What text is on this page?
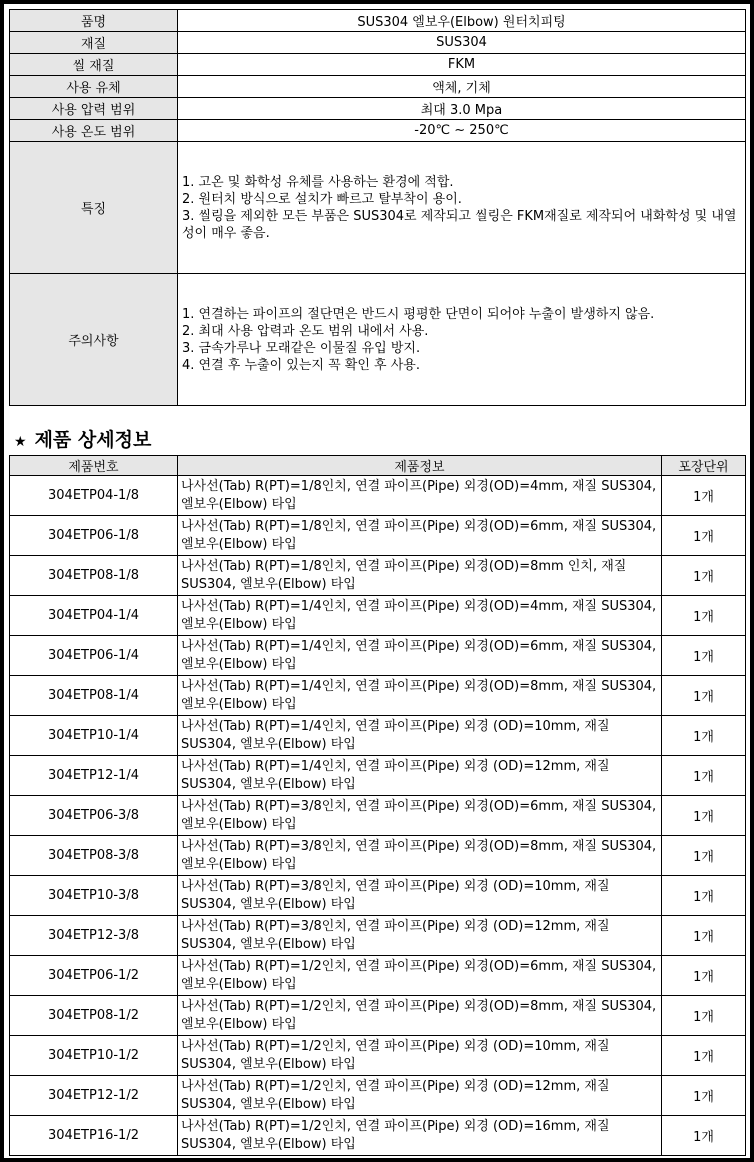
품명	SUS304 엘보우(Elbow) 원터치피팅
재질	SUS304
씰 재질	FKM
사용 유체	액체, 기체
사용 압력 범위	최대 3.0 Mpa
사용 온도 범위	-20℃ ~ 250℃
특징	1. 고온 및 화학성 유체를 사용하는 환경에 적합.
2. 원터치 방식으로 설치가 빠르고 탈부착이 용이.
3. 씰링을 제외한 모든 부품은 SUS304로 제작되고 씰링은 FKM재질로 제작되어 내화학성 및 내열성이 매우 좋음.

주의사항	1. 연결하는 파이프의 절단면은 반드시 평평한 단면이 되어야 누출이 발생하지 않음.
2. 최대 사용 압력과 온도 범위 내에서 사용.
3. 금속가루나 모래같은 이물질 유입 방지.
4. 연결 후 누출이 있는지 꼭 확인 후 사용.
★ 제품 상세정보
제품번호	제품정보	포장단위
304ETP04-1/8	나사선(Tab) R(PT)=1/8인치, 연결 파이프(Pipe) 외경(OD)=4mm, 재질 SUS304, 엘보우(Elbow) 타입	1개
304ETP06-1/8	나사선(Tab) R(PT)=1/8인치, 연결 파이프(Pipe) 외경(OD)=6mm, 재질 SUS304, 엘보우(Elbow) 타입	1개
304ETP08-1/8	나사선(Tab) R(PT)=1/8인치, 연결 파이프(Pipe) 외경(OD)=8mm 인치, 재질 SUS304, 엘보우(Elbow) 타입	1개
304ETP04-1/4	나사선(Tab) R(PT)=1/4인치, 연결 파이프(Pipe) 외경(OD)=4mm, 재질 SUS304, 엘보우(Elbow) 타입	1개
304ETP06-1/4	나사선(Tab) R(PT)=1/4인치, 연결 파이프(Pipe) 외경(OD)=6mm, 재질 SUS304, 엘보우(Elbow) 타입	1개
304ETP08-1/4	나사선(Tab) R(PT)=1/4인치, 연결 파이프(Pipe) 외경(OD)=8mm, 재질 SUS304, 엘보우(Elbow) 타입	1개
304ETP10-1/4	나사선(Tab) R(PT)=1/4인치, 연결 파이프(Pipe) 외경 (OD)=10mm, 재질 SUS304, 엘보우(Elbow) 타입	1개
304ETP12-1/4	나사선(Tab) R(PT)=1/4인치, 연결 파이프(Pipe) 외경 (OD)=12mm, 재질 SUS304, 엘보우(Elbow) 타입	1개
304ETP06-3/8	나사선(Tab) R(PT)=3/8인치, 연결 파이프(Pipe) 외경(OD)=6mm, 재질 SUS304, 엘보우(Elbow) 타입	1개
304ETP08-3/8	나사선(Tab) R(PT)=3/8인치, 연결 파이프(Pipe) 외경(OD)=8mm, 재질 SUS304, 엘보우(Elbow) 타입	1개
304ETP10-3/8	나사선(Tab) R(PT)=3/8인치, 연결 파이프(Pipe) 외경 (OD)=10mm, 재질 SUS304, 엘보우(Elbow) 타입	1개
304ETP12-3/8	나사선(Tab) R(PT)=3/8인치, 연결 파이프(Pipe) 외경 (OD)=12mm, 재질 SUS304, 엘보우(Elbow) 타입	1개
304ETP06-1/2	나사선(Tab) R(PT)=1/2인치, 연결 파이프(Pipe) 외경(OD)=6mm, 재질 SUS304, 엘보우(Elbow) 타입	1개
304ETP08-1/2	나사선(Tab) R(PT)=1/2인치, 연결 파이프(Pipe) 외경(OD)=8mm, 재질 SUS304, 엘보우(Elbow) 타입	1개
304ETP10-1/2	나사선(Tab) R(PT)=1/2인치, 연결 파이프(Pipe) 외경 (OD)=10mm, 재질 SUS304, 엘보우(Elbow) 타입	1개
304ETP12-1/2	나사선(Tab) R(PT)=1/2인치, 연결 파이프(Pipe) 외경 (OD)=12mm, 재질 SUS304, 엘보우(Elbow) 타입	1개
304ETP16-1/2	나사선(Tab) R(PT)=1/2인치, 연결 파이프(Pipe) 외경 (OD)=16mm, 재질 SUS304, 엘보우(Elbow) 타입	1개
